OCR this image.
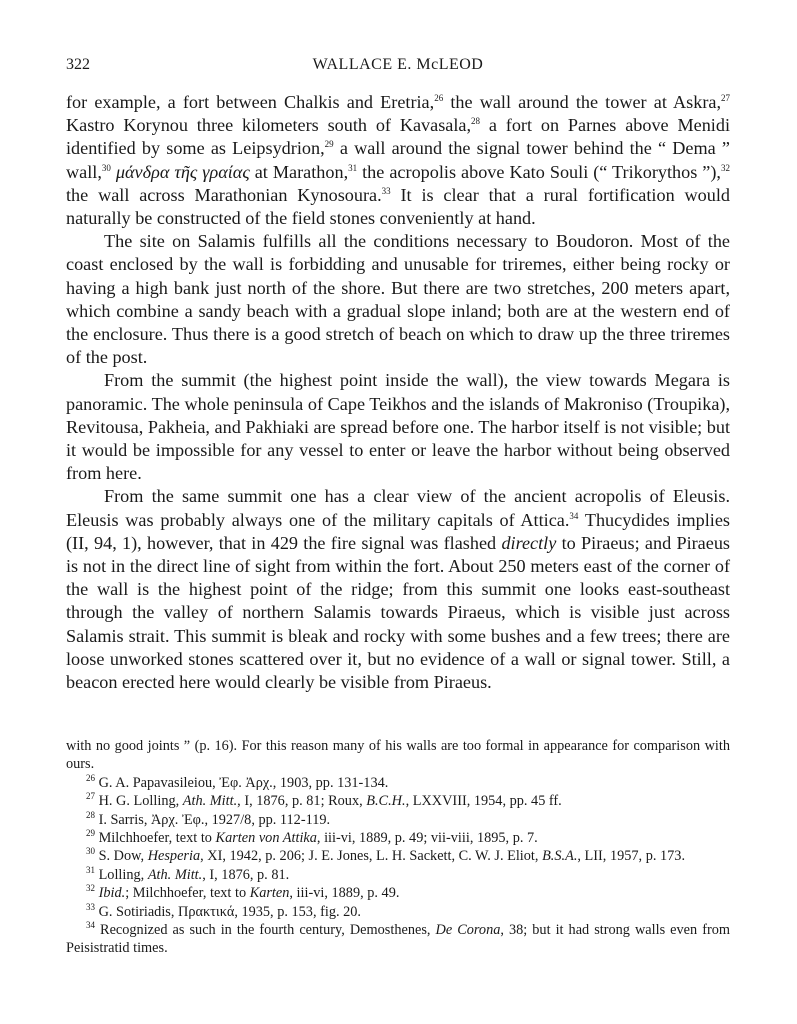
322	WALLACE E. McLEOD

for example, a fort between Chalkis and Eretria,$^{26}$ the wall around the tower at Askra,$^{27}$ Kastro Korynou three kilometers south of Kavasala,$^{28}$ a fort on Parnes above Menidi identified by some as Leipsydrion,$^{29}$ a wall around the signal tower behind the “ Dema ” wall,$^{30}$ μάνδρα τῆς γραίας at Marathon,$^{31}$ the acropolis above Kato Souli (“ Trikorythos ”),$^{32}$ the wall across Marathonian Kynosoura.$^{33}$ It is clear that a rural fortification would naturally be constructed of the field stones conveniently at hand.

The site on Salamis fulfills all the conditions necessary to Boudoron. Most of the coast enclosed by the wall is forbidding and unusable for triremes, either being rocky or having a high bank just north of the shore. But there are two stretches, 200 meters apart, which combine a sandy beach with a gradual slope inland; both are at the western end of the enclosure. Thus there is a good stretch of beach on which to draw up the three triremes of the post.

From the summit (the highest point inside the wall), the view towards Megara is panoramic. The whole peninsula of Cape Teikhos and the islands of Makroniso (Troupika), Revitousa, Pakheia, and Pakhiaki are spread before one. The harbor itself is not visible; but it would be impossible for any vessel to enter or leave the harbor without being observed from here.

From the same summit one has a clear view of the ancient acropolis of Eleusis. Eleusis was probably always one of the military capitals of Attica.$^{34}$ Thucydides implies (II, 94, 1), however, that in 429 the fire signal was flashed directly to Piraeus; and Piraeus is not in the direct line of sight from within the fort. About 250 meters east of the corner of the wall is the highest point of the ridge; from this summit one looks east-southeast through the valley of northern Salamis towards Piraeus, which is visible just across Salamis strait. This summit is bleak and rocky with some bushes and a few trees; there are loose unworked stones scattered over it, but no evidence of a wall or signal tower. Still, a beacon erected here would clearly be visible from Piraeus.

with no good joints ” (p. 16). For this reason many of his walls are too formal in appearance for comparison with ours.

$^{26}$ G. A. Papavasileiou, Ἐφ. Ἀρχ., 1903, pp. 131-134.

$^{27}$ H. G. Lolling, Ath. Mitt., I, 1876, p. 81; Roux, B.C.H., LXXVIII, 1954, pp. 45 ff.

$^{28}$ I. Sarris, Ἀρχ. Ἐφ., 1927/8, pp. 112-119.

$^{29}$ Milchhoefer, text to Karten von Attika, iii-vi, 1889, p. 49; vii-viii, 1895, p. 7.

$^{30}$ S. Dow, Hesperia, XI, 1942, p. 206; J. E. Jones, L. H. Sackett, C. W. J. Eliot, B.S.A., LII, 1957, p. 173.

$^{31}$ Lolling, Ath. Mitt., I, 1876, p. 81.

$^{32}$ Ibid.; Milchhoefer, text to Karten, iii-vi, 1889, p. 49.

$^{33}$ G. Sotiriadis, Πρακτικά, 1935, p. 153, fig. 20.

$^{34}$ Recognized as such in the fourth century, Demosthenes, De Corona, 38; but it had strong walls even from Peisistratid times.
